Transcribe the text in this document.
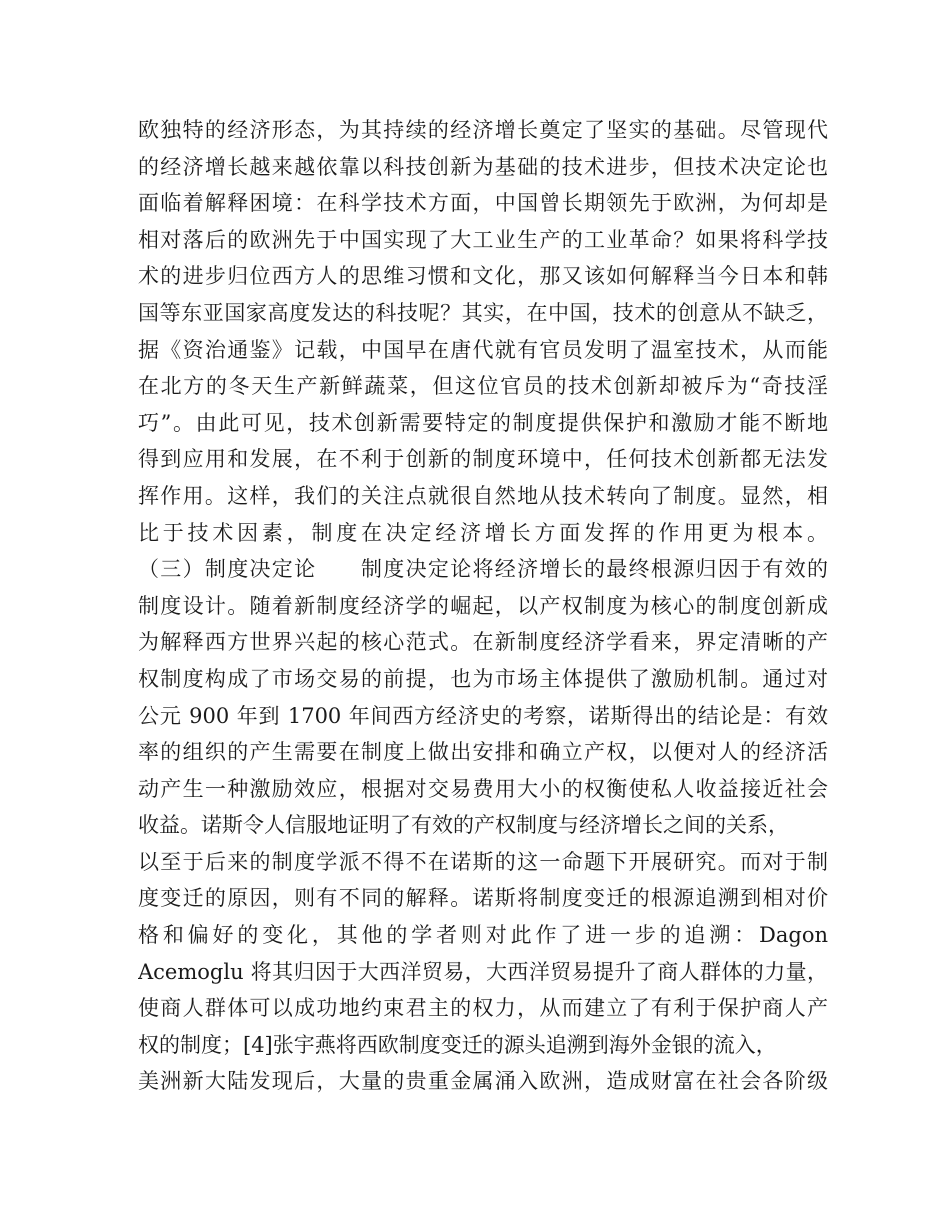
欧独特的经济形态，为其持续的经济增长奠定了坚实的基础。尽管现代
的经济增长越来越依靠以科技创新为基础的技术进步，但技术决定论也
面临着解释困境：在科学技术方面，中国曾长期领先于欧洲，为何却是
相对落后的欧洲先于中国实现了大工业生产的工业革命？如果将科学技
术的进步归位西方人的思维习惯和文化，那又该如何解释当今日本和韩
国等东亚国家高度发达的科技呢？其实，在中国，技术的创意从不缺乏，
据《资治通鉴》记载，中国早在唐代就有官员发明了温室技术，从而能
在北方的冬天生产新鲜蔬菜，但这位官员的技术创新却被斥为“奇技淫
巧”。由此可见，技术创新需要特定的制度提供保护和激励才能不断地
得到应用和发展，在不利于创新的制度环境中，任何技术创新都无法发
挥作用。这样，我们的关注点就很自然地从技术转向了制度。显然，相
比于技术因素，制度在决定经济增长方面发挥的作用更为根本。
（三）制度决定论　　制度决定论将经济增长的最终根源归因于有效的
制度设计。随着新制度经济学的崛起，以产权制度为核心的制度创新成
为解释西方世界兴起的核心范式。在新制度经济学看来，界定清晰的产
权制度构成了市场交易的前提，也为市场主体提供了激励机制。通过对
公元 900 年到 1700 年间西方经济史的考察，诺斯得出的结论是：有效
率的组织的产生需要在制度上做出安排和确立产权，以便对人的经济活
动产生一种激励效应，根据对交易费用大小的权衡使私人收益接近社会
收益。诺斯令人信服地证明了有效的产权制度与经济增长之间的关系，
以至于后来的制度学派不得不在诺斯的这一命题下开展研究。而对于制
度变迁的原因，则有不同的解释。诺斯将制度变迁的根源追溯到相对价
格和偏好的变化，其他的学者则对此作了进一步的追溯：Dagon
Acemoglu 将其归因于大西洋贸易，大西洋贸易提升了商人群体的力量，
使商人群体可以成功地约束君主的权力，从而建立了有利于保护商人产
权的制度；[4]张宇燕将西欧制度变迁的源头追溯到海外金银的流入，
美洲新大陆发现后，大量的贵重金属涌入欧洲，造成财富在社会各阶级
